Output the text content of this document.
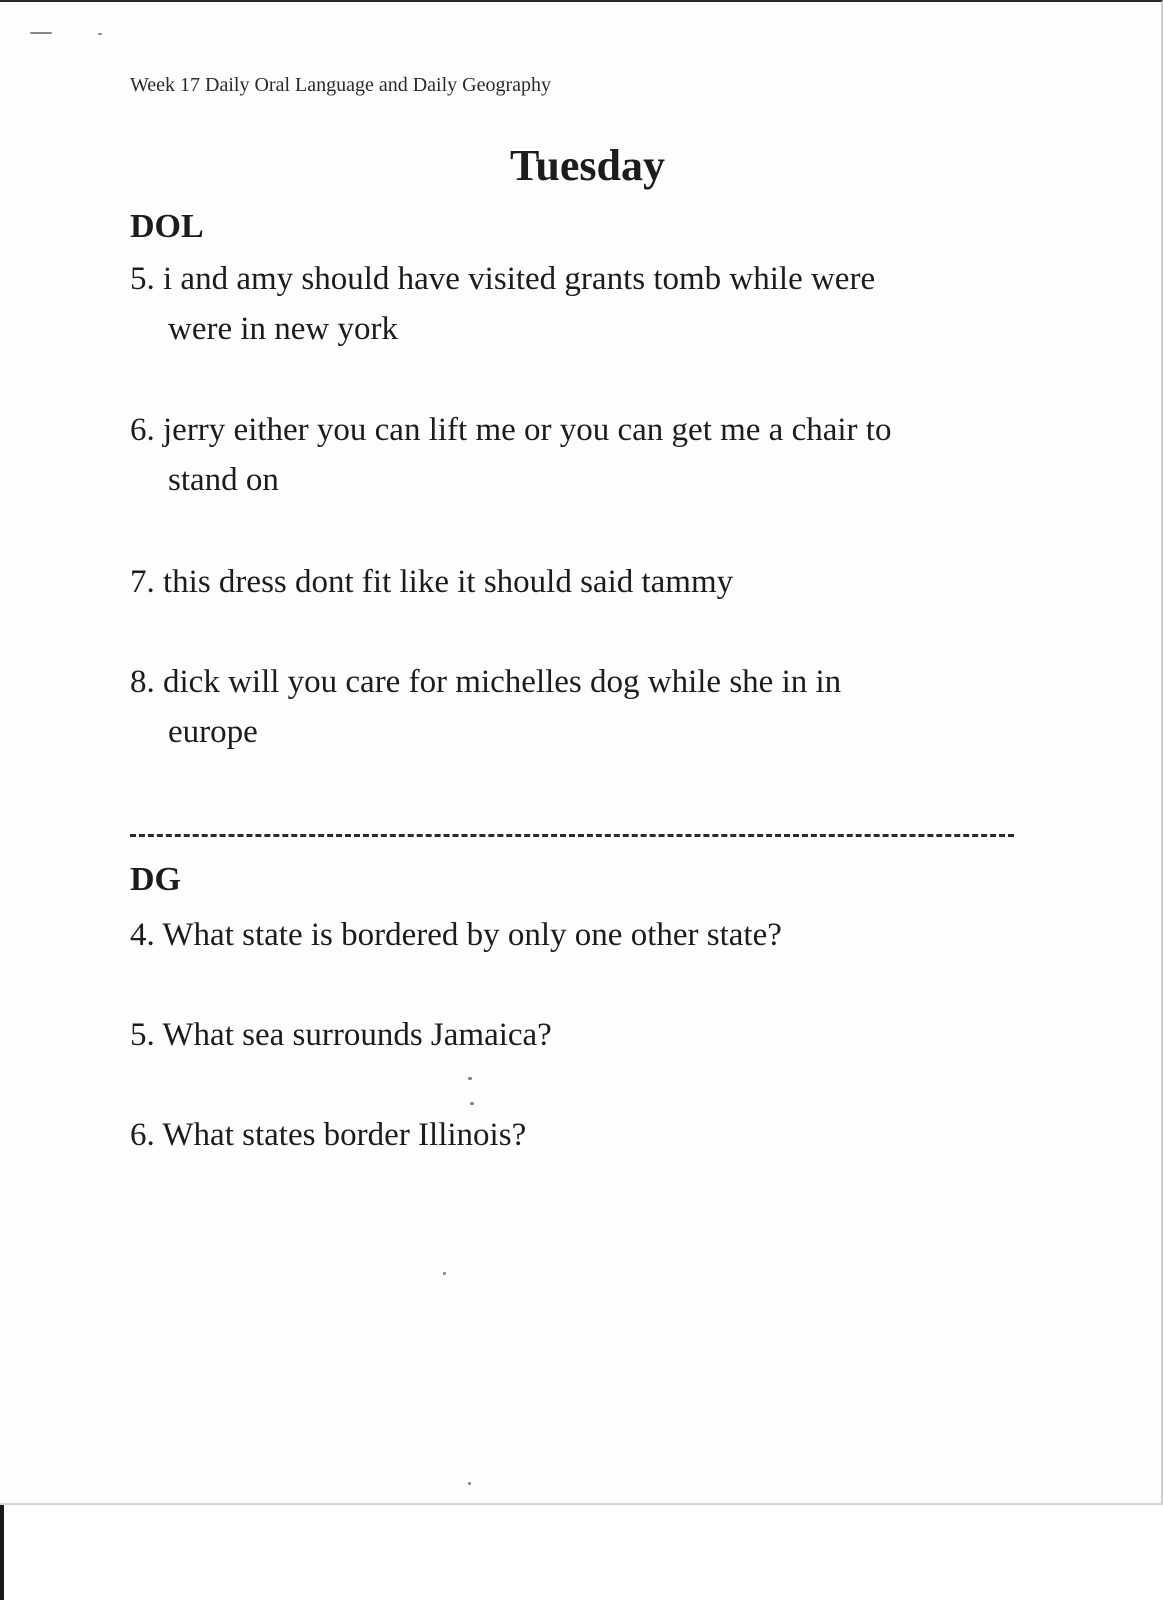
Week 17 Daily Oral Language and Daily Geography

Tuesday
DOL

5. i and amy should have visited grants tomb while were
were in new york

6. jerry either you can lift me or you can get me a chair to
stand on

7. this dress dont fit like it should said tammy

8. dick will you care for michelles dog while she in in
europe

DG

4. What state is bordered by only one other state?

5. What sea surrounds Jamaica?

6. What states border Illinois?
